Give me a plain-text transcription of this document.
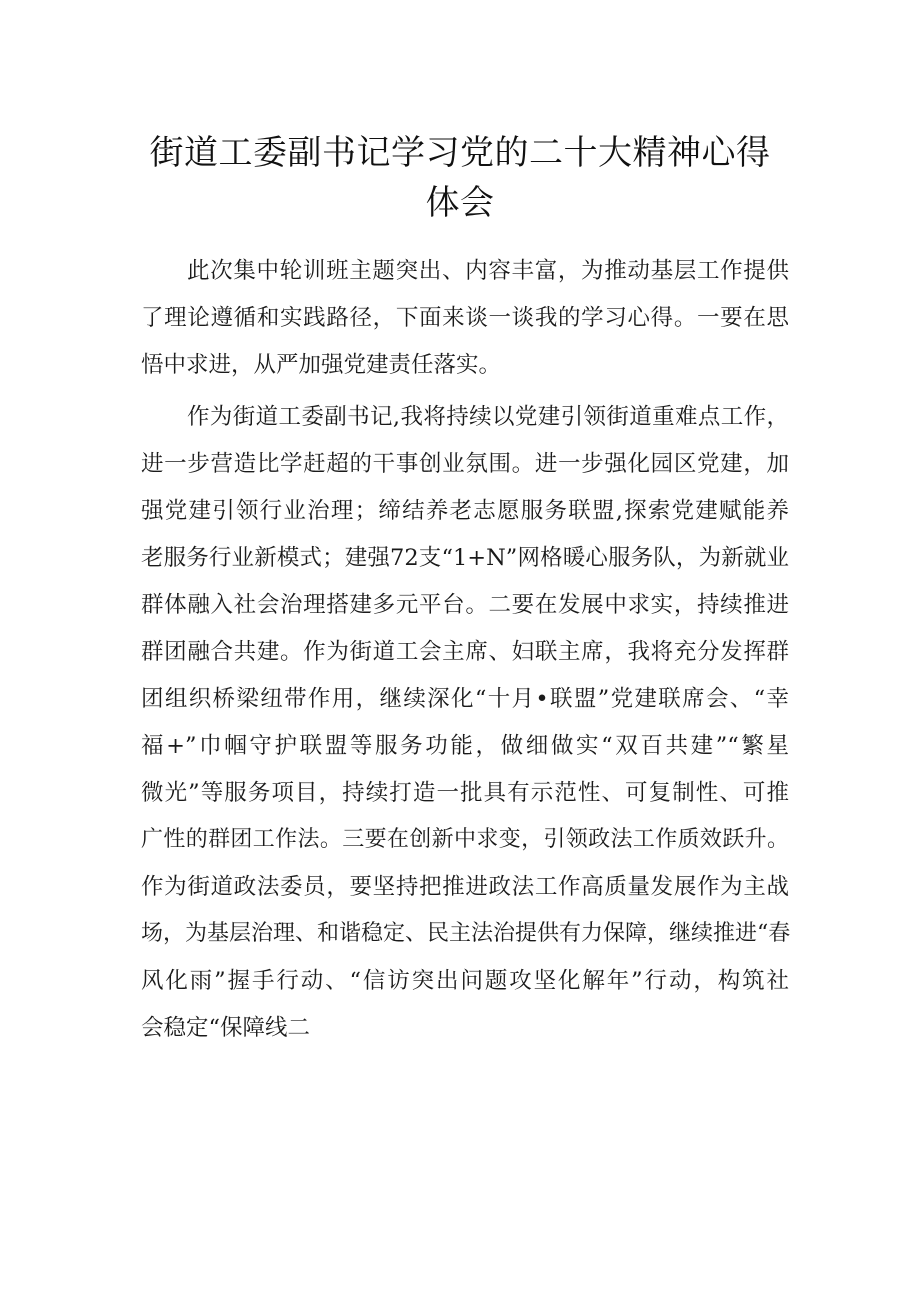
街道工委副书记学习党的二十大精神心得
体会
此次集中轮训班主题突出、内容丰富，为推动基层工作提供
了理论遵循和实践路径，下面来谈一谈我的学习心得。一要在思
悟中求进，从严加强党建责任落实。
作为街道工委副书记,我将持续以党建引领街道重难点工作，
进一步营造比学赶超的干事创业氛围。进一步强化园区党建，加
强党建引领行业治理；缔结养老志愿服务联盟,探索党建赋能养
老服务行业新模式；建强72支“1+N”网格暖心服务队，为新就业
群体融入社会治理搭建多元平台。二要在发展中求实，持续推进
群团融合共建。作为街道工会主席、妇联主席，我将充分发挥群
团组织桥梁纽带作用，继续深化“十月•联盟”党建联席会、“幸
福+”巾帼守护联盟等服务功能，做细做实“双百共建”“繁星
微光”等服务项目，持续打造一批具有示范性、可复制性、可推
广性的群团工作法。三要在创新中求变，引领政法工作质效跃升。
作为街道政法委员，要坚持把推进政法工作高质量发展作为主战
场，为基层治理、和谐稳定、民主法治提供有力保障，继续推进“春
风化雨”握手行动、“信访突出问题攻坚化解年”行动，构筑社
会稳定“保障线二
